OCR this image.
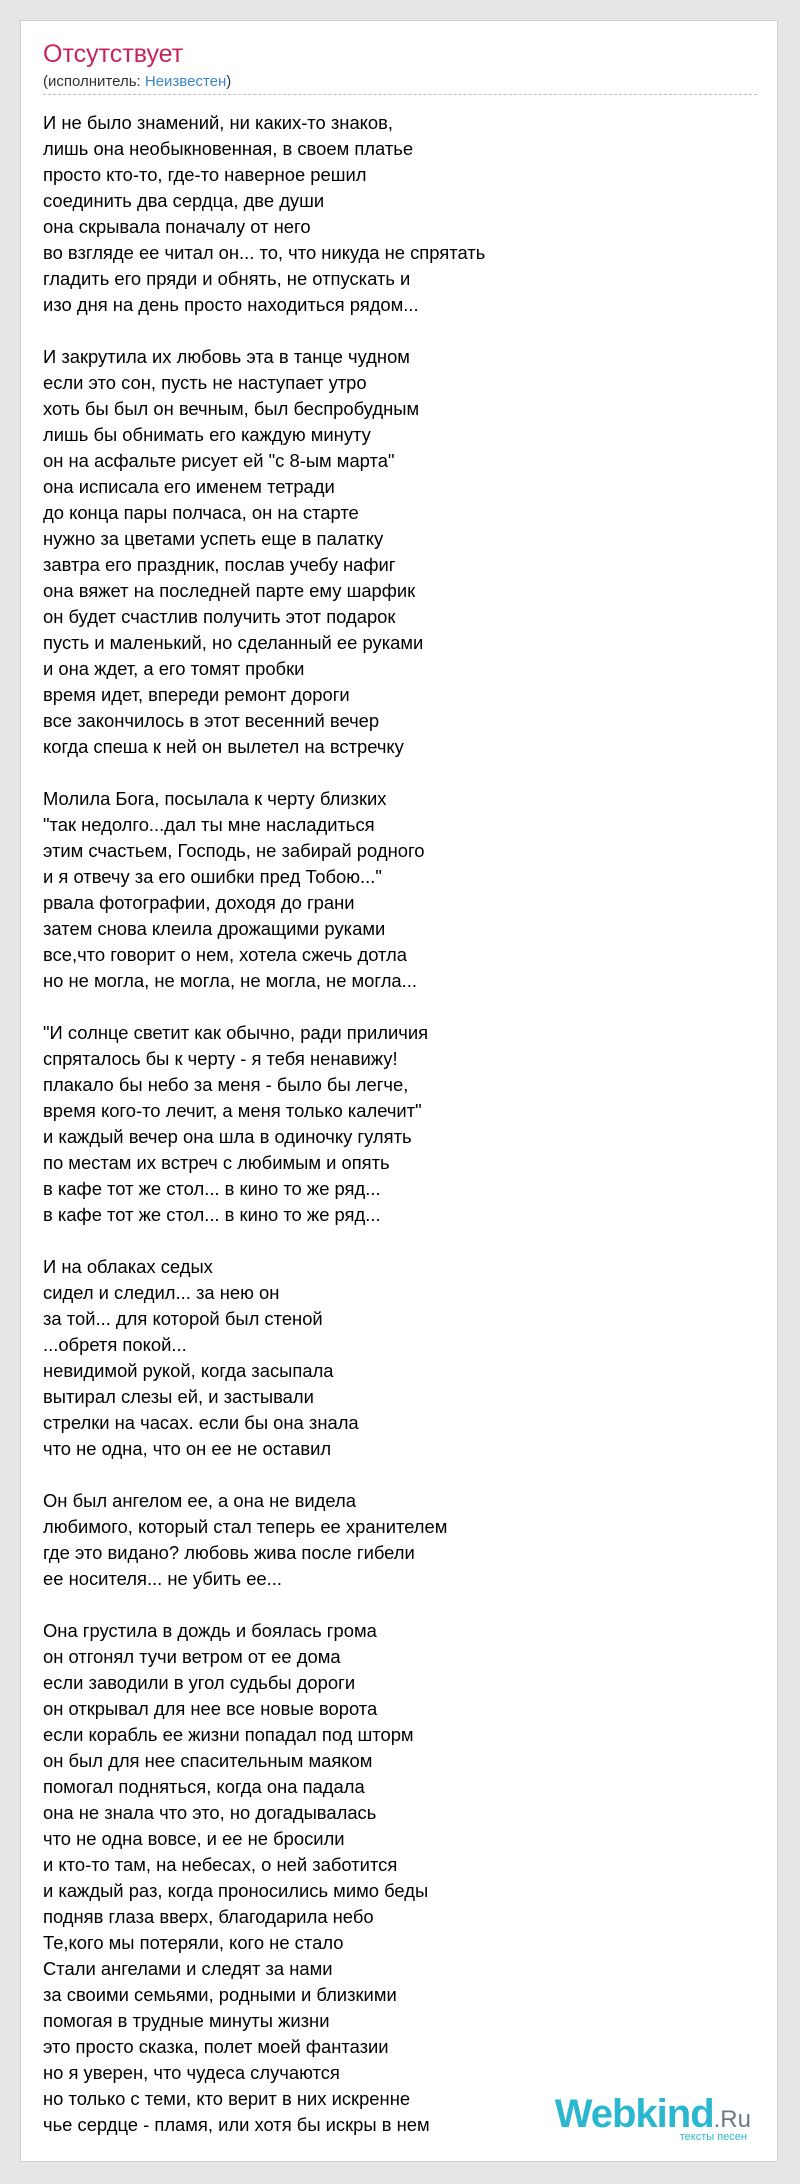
Отсутствует
(исполнитель: Неизвестен)
И не было знамений, ни каких-то знаков,
лишь она необыкновенная, в своем платье
просто кто-то, где-то наверное решил
соединить два сердца, две души
она скрывала поначалу от него
во взгляде ее читал он... то, что никуда не спрятать
гладить его пряди и обнять, не отпускать и
изо дня на день просто находиться рядом...
И закрутила их любовь эта в танце чудном
если это сон, пусть не наступает утро
хоть бы был он вечным, был беспробудным
лишь бы обнимать его каждую минуту
он на асфальте рисует ей "с 8-ым марта"
она исписала его именем тетради
до конца пары полчаса, он на старте
нужно за цветами успеть еще в палатку
завтра его праздник, послав учебу нафиг
она вяжет на последней парте ему шарфик
он будет счастлив получить этот подарок
пусть и маленький, но сделанный ее руками
и она ждет, а его томят пробки
время идет, впереди ремонт дороги
все закончилось в этот весенний вечер
когда спеша к ней он вылетел на встречку
Молила Бога, посылала к черту близких
"так недолго...дал ты мне насладиться
этим счастьем, Господь, не забирай родного
и я отвечу за его ошибки пред Тобою..."
рвала фотографии, доходя до грани
затем снова клеила дрожащими руками
все,что говорит о нем, хотела сжечь дотла
но не могла, не могла, не могла, не могла...
"И солнце светит как обычно, ради приличия
спряталось бы к черту - я тебя ненавижу!
плакало бы небо за меня - было бы легче,
время кого-то лечит, а меня только калечит"
и каждый вечер она шла в одиночку гулять
по местам их встреч с любимым и опять
в кафе тот же стол... в кино то же ряд...
в кафе тот же стол... в кино то же ряд...
И на облаках седых
сидел и следил... за нею он
за той... для которой был стеной
...обретя покой...
невидимой рукой, когда засыпала
вытирал слезы ей, и застывали
стрелки на часах. если бы она знала
что не одна, что он ее не оставил
Он был ангелом ее, а она не видела
любимого, который стал теперь ее хранителем
где это видано? любовь жива после гибели
ее носителя... не убить ее...
Она грустила в дождь и боялась грома
он отгонял тучи ветром от ее дома
если заводили в угол судьбы дороги
он открывал для нее все новые ворота
если корабль ее жизни попадал под шторм
он был для нее спасительным маяком
помогал подняться, когда она падала
она не знала что это, но догадывалась
что не одна вовсе, и ее не бросили
и кто-то там, на небесах, о ней заботится
и каждый раз, когда проносились мимо беды
подняв глаза вверх, благодарила небо
Те,кого мы потеряли, кого не стало
Стали ангелами и следят за нами
за своими семьями, родными и близкими
помогая в трудные минуты жизни
это просто сказка, полет моей фантазии
но я уверен, что чудеса случаются
но только с теми, кто верит в них искренне
чье сердце - пламя, или хотя бы искры в нем	Webkind.Ru
тексты песен
